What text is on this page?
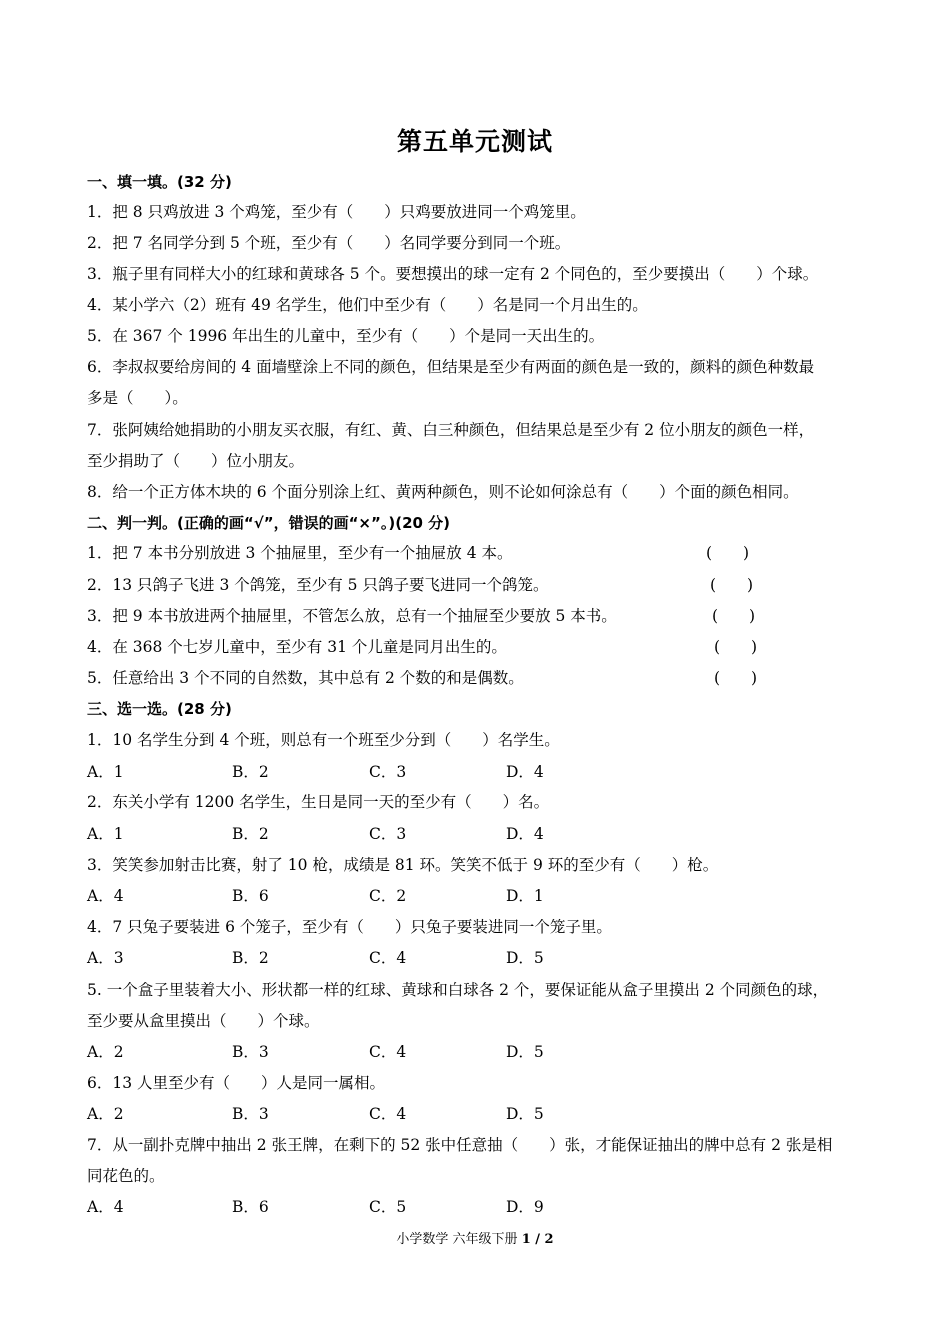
第五单元测试
一、填一填。(32 分)
1．把 8 只鸡放进 3 个鸡笼，至少有（　　）只鸡要放进同一个鸡笼里。
2．把 7 名同学分到 5 个班，至少有（　　）名同学要分到同一个班。
3．瓶子里有同样大小的红球和黄球各 5 个。要想摸出的球一定有 2 个同色的，至少要摸出（　　）个球。
4．某小学六（2）班有 49 名学生，他们中至少有（　　）名是同一个月出生的。
5．在 367 个 1996 年出生的儿童中，至少有（　　）个是同一天出生的。
6．李叔叔要给房间的 4 面墙壁涂上不同的颜色，但结果是至少有两面的颜色是一致的，颜料的颜色种数最
多是（　　）。
7．张阿姨给她捐助的小朋友买衣服，有红、黄、白三种颜色，但结果总是至少有 2 位小朋友的颜色一样，
至少捐助了（　　）位小朋友。
8．给一个正方体木块的 6 个面分别涂上红、黄两种颜色，则不论如何涂总有（　　）个面的颜色相同。
二、判一判。(正确的画“√”，错误的画“×”。)(20 分)
1．把 7 本书分别放进 3 个抽屉里，至少有一个抽屉放 4 本。	(　　)
2．13 只鸽子飞进 3 个鸽笼，至少有 5 只鸽子要飞进同一个鸽笼。	(　　)
3．把 9 本书放进两个抽屉里，不管怎么放，总有一个抽屉至少要放 5 本书。	(　　)
4．在 368 个七岁儿童中，至少有 31 个儿童是同月出生的。	(　　)
5．任意给出 3 个不同的自然数，其中总有 2 个数的和是偶数。	(　　)
三、选一选。(28 分)
1．10 名学生分到 4 个班，则总有一个班至少分到（　　）名学生。
A．1	B．2	C．3	D．4
2．东关小学有 1200 名学生，生日是同一天的至少有（　　）名。
A．1	B．2	C．3	D．4
3．笑笑参加射击比赛，射了 10 枪，成绩是 81 环。笑笑不低于 9 环的至少有（　　）枪。
A．4	B．6	C．2	D．1
4．7 只兔子要装进 6 个笼子，至少有（　　）只兔子要装进同一个笼子里。
A．3	B．2	C．4	D．5
5. 一个盒子里装着大小、形状都一样的红球、黄球和白球各 2 个，要保证能从盒子里摸出 2 个同颜色的球，
至少要从盒里摸出（　　）个球。
A．2	B．3	C．4	D．5
6．13 人里至少有（　　）人是同一属相。
A．2	B．3	C．4	D．5
7．从一副扑克牌中抽出 2 张王牌，在剩下的 52 张中任意抽（　　）张，才能保证抽出的牌中总有 2 张是相
同花色的。
A．4	B．6	C．5	D．9
小学数学 六年级下册 1 / 2
